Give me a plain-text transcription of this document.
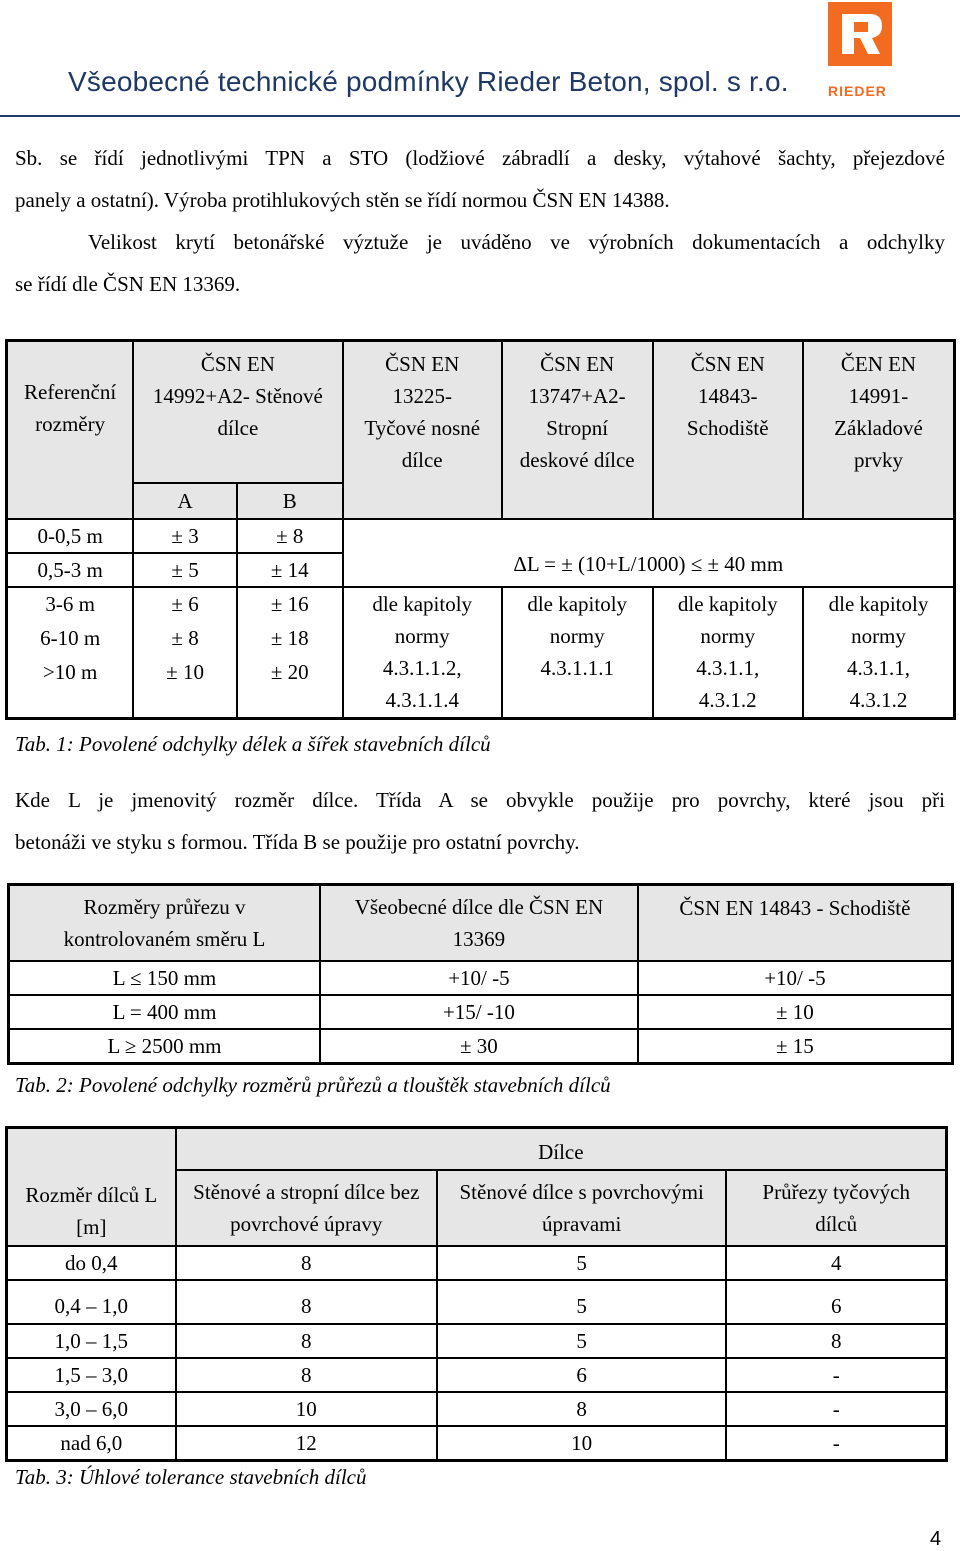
Všeobecné technické podmínky Rieder Beton, spol. s r.o.	RIEDER
Sb. se řídí jednotlivými TPN a STO (lodžiové zábradlí a desky, výtahové šachty, přejezdové
panely a ostatní). Výroba protihlukových stěn se řídí normou ČSN EN 14388.
Velikost krytí betonářské výztuže je uváděno ve výrobních dokumentacích a odchylky
se řídí dle ČSN EN 13369.
Referenční rozměry	ČSN EN 14992+A2- Stěnové dílce		ČSN EN 13225- Tyčové nosné dílce	ČSN EN 13747+A2- Stropní deskové dílce	ČSN EN 14843- Schodiště	ČEN EN 14991- Základové prvky

	A	B				
0-0,5 m	± 3	± 8	ΔL = ± (10+L/1000) ≤ ± 40 mm			
0,5-3 m	± 5	± 14				
3-6 m	± 6	± 16	dle kapitoly normy 4.3.1.1.2, 4.3.1.1.4	dle kapitoly normy 4.3.1.1.1	dle kapitoly normy 4.3.1.1, 4.3.1.2	dle kapitoly normy 4.3.1.1, 4.3.1.2

6-10 m	± 8	± 18				
>10 m	± 10	± 20				

Tab. 1: Povolené odchylky délek a šířek stavebních dílců
Kde L je jmenovitý rozměr dílce. Třída A se obvykle použije pro povrchy, které jsou při
betonáži ve styku s formou. Třída B se použije pro ostatní povrchy.
Rozměry průřezu v kontrolovaném směru L	Všeobecné dílce dle ČSN EN 13369	ČSN EN 14843 - Schodiště
L ≤ 150 mm	+10/ -5	+10/ -5
L = 400 mm	+15/ -10	± 10
L ≥ 2500 mm	± 30	± 15
Tab. 2: Povolené odchylky rozměrů průřezů a tlouštěk stavebních dílců
Rozměr dílců L [m]	Dílce		

	Stěnové a stropní dílce bez povrchové úpravy	Stěnové dílce s povrchovými úpravami	Průřezy tyčových dílců

do 0,4	8	5	4
0,4 – 1,0	8	5	6
1,0 – 1,5	8	5	8
1,5 – 3,0	8	6	-
3,0 – 6,0	10	8	-
nad 6,0	12	10	-
Tab. 3: Úhlové tolerance stavebních dílců
4
